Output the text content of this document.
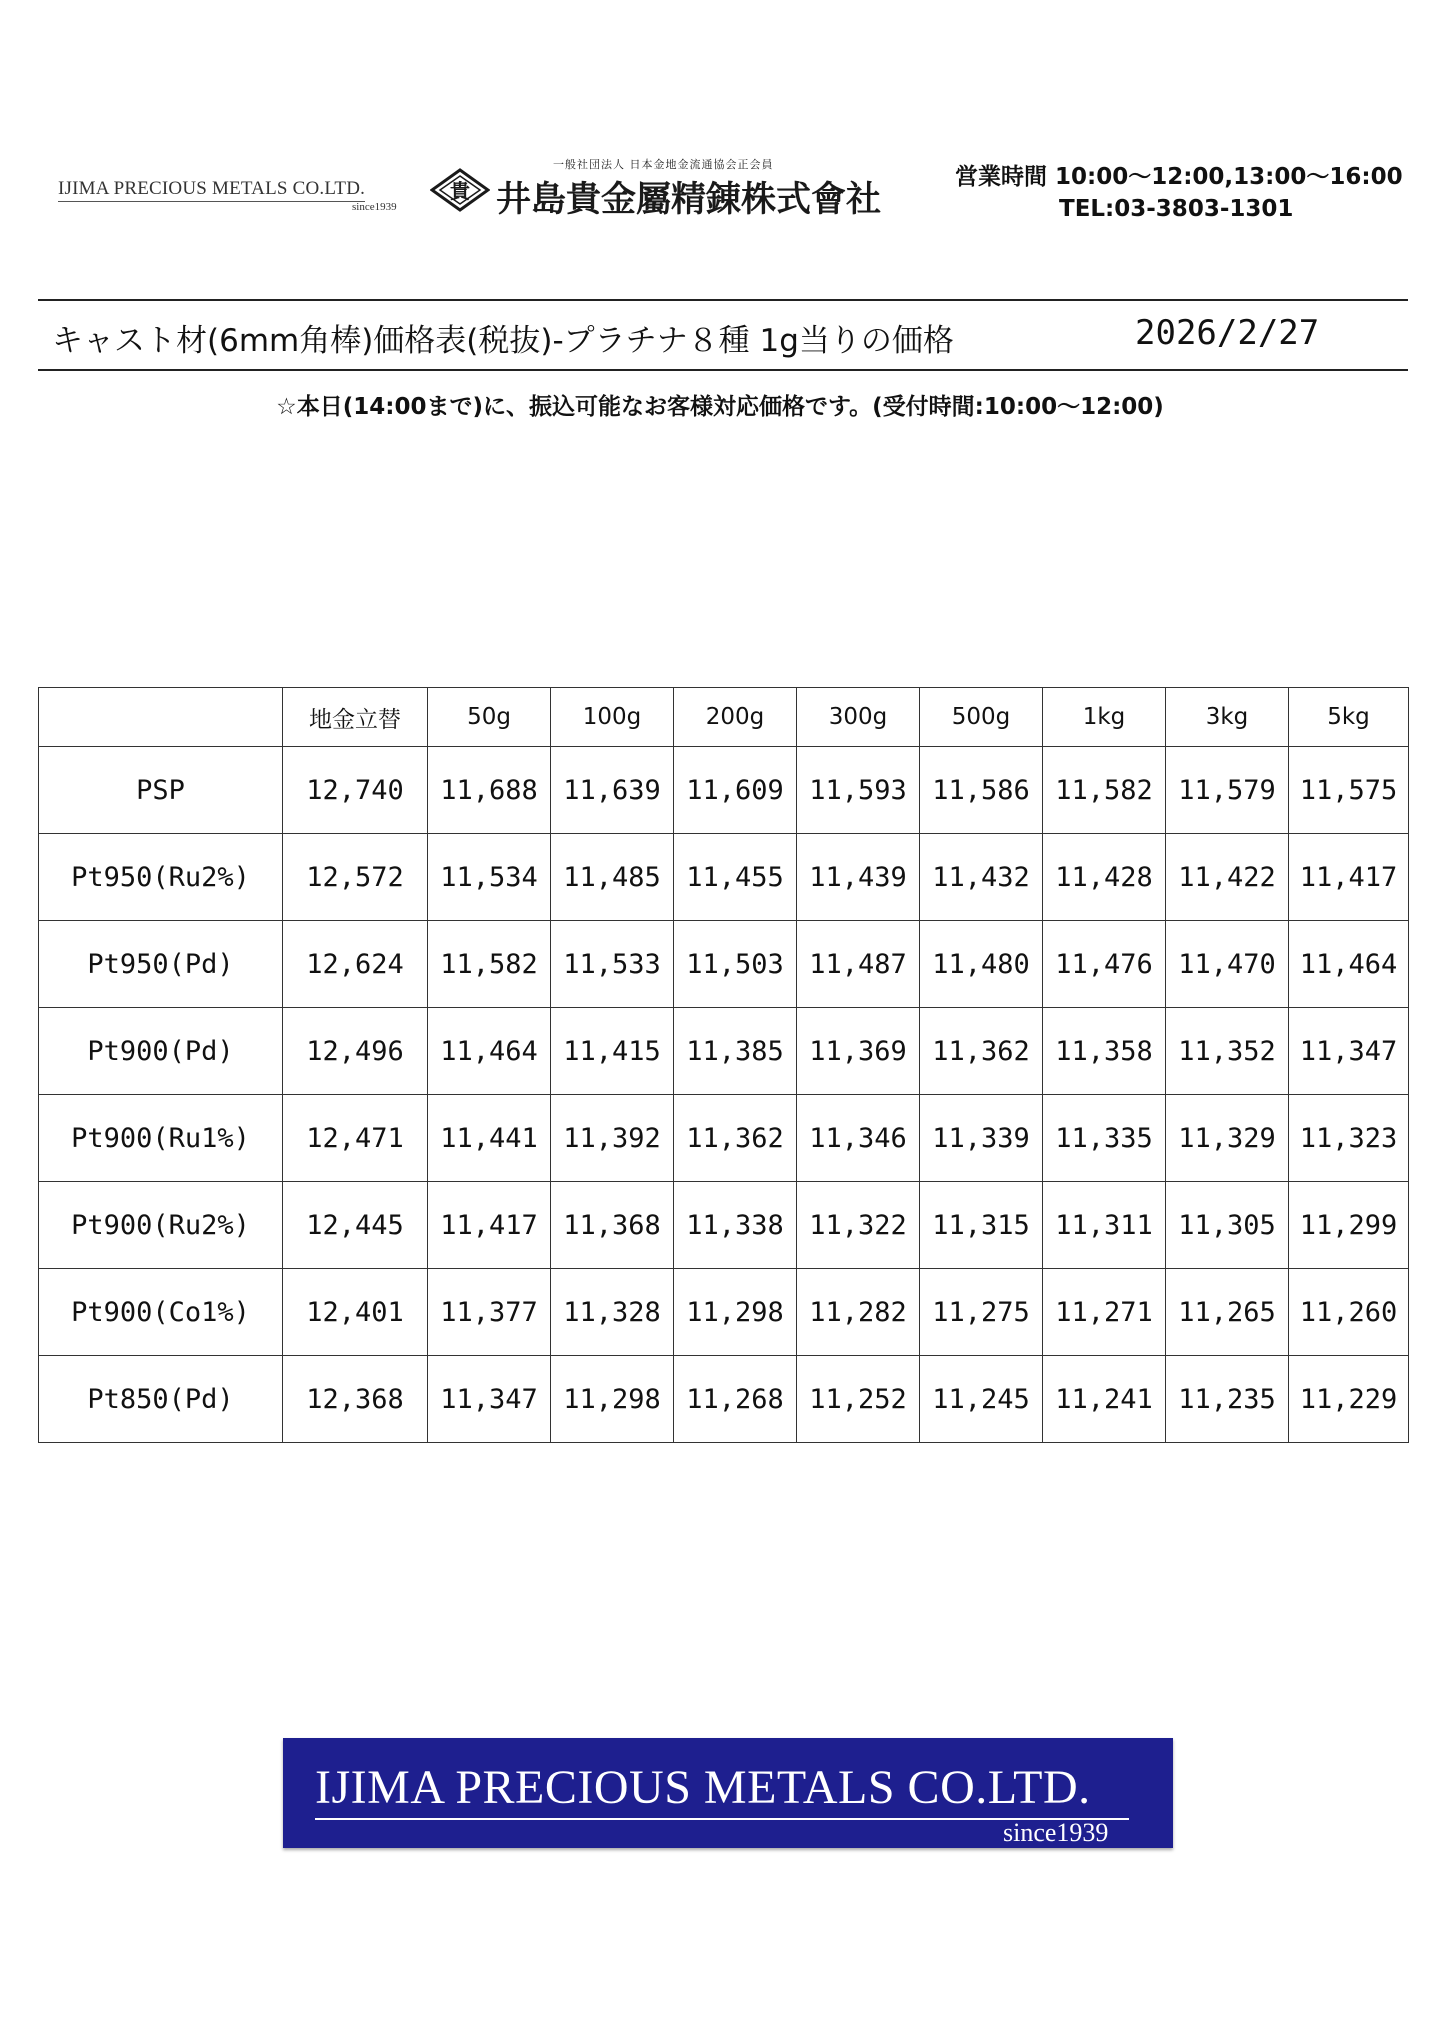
IJIMA PRECIOUS METALS CO.LTD.
since1939
貴
一般社団法人 日本金地金流通協会正会員
井島貴金屬精錬株式會社
営業時間 10:00〜12:00,13:00〜16:00
TEL:03-3803-1301
キャスト材(6mm角棒)価格表(税抜)-プラチナ８種 1g当りの価格	2026/2/27
☆本日(14:00まで)に、振込可能なお客様対応価格です。(受付時間:10:00〜12:00)
	地金立替	50g	100g	200g	300g	500g	1kg	3kg	5kg
PSP	12,740	11,688	11,639	11,609	11,593	11,586	11,582	11,579	11,575
Pt950(Ru2%)	12,572	11,534	11,485	11,455	11,439	11,432	11,428	11,422	11,417
Pt950(Pd)	12,624	11,582	11,533	11,503	11,487	11,480	11,476	11,470	11,464
Pt900(Pd)	12,496	11,464	11,415	11,385	11,369	11,362	11,358	11,352	11,347
Pt900(Ru1%)	12,471	11,441	11,392	11,362	11,346	11,339	11,335	11,329	11,323
Pt900(Ru2%)	12,445	11,417	11,368	11,338	11,322	11,315	11,311	11,305	11,299
Pt900(Co1%)	12,401	11,377	11,328	11,298	11,282	11,275	11,271	11,265	11,260
Pt850(Pd)	12,368	11,347	11,298	11,268	11,252	11,245	11,241	11,235	11,229
IJIMA PRECIOUS METALS CO.LTD.
since1939
